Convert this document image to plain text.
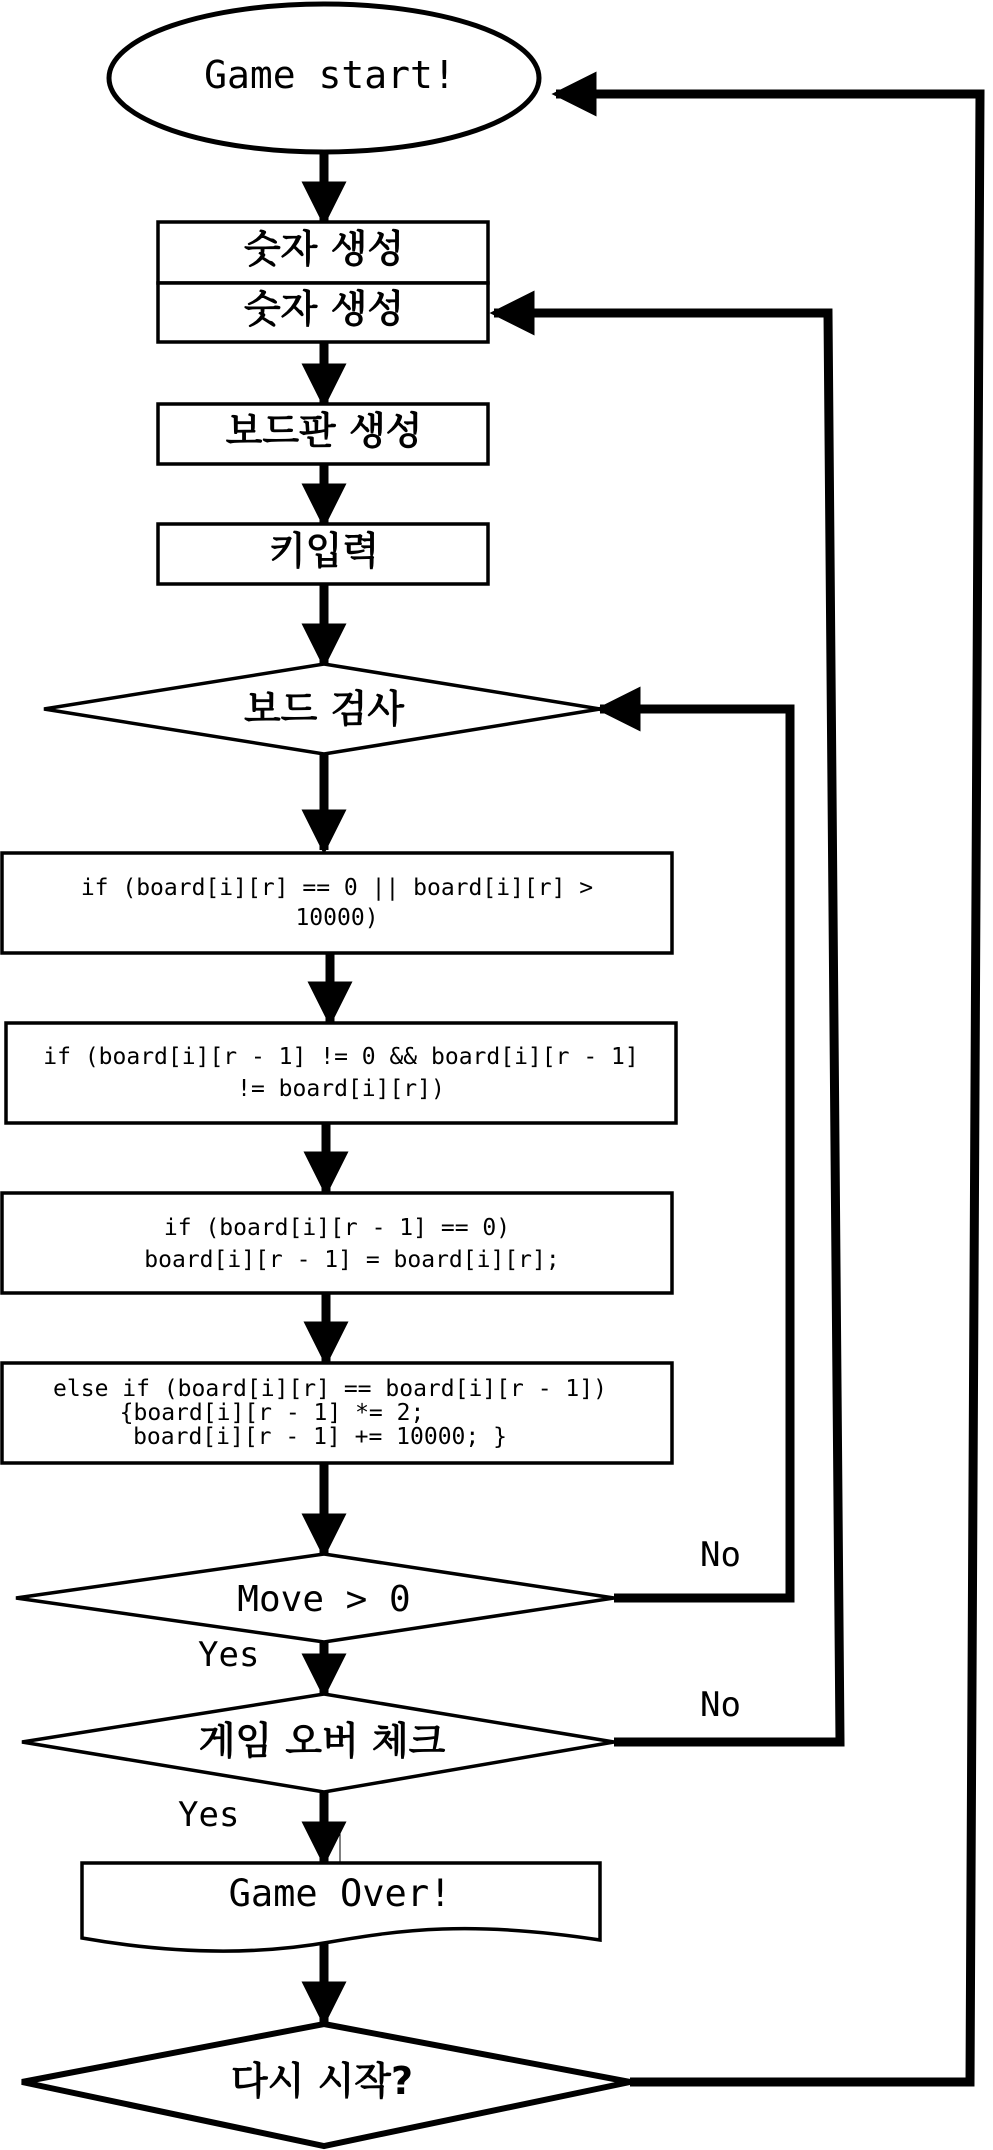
Game start!
숫자 생성
숫자 생성
보드판 생성
키입력
보드 검사
if (board[i][r] == 0 || board[i][r] >
10000)
if (board[i][r - 1] != 0 && board[i][r - 1]
!= board[i][r])
if (board[i][r - 1] == 0)
board[i][r - 1] = board[i][r];
else if (board[i][r] == board[i][r - 1])
{board[i][r - 1] *= 2;
board[i][r - 1] += 10000; }
Move > 0
게임 오버 체크
Game Over!
다시 시작?
No
Yes
No
Yes
